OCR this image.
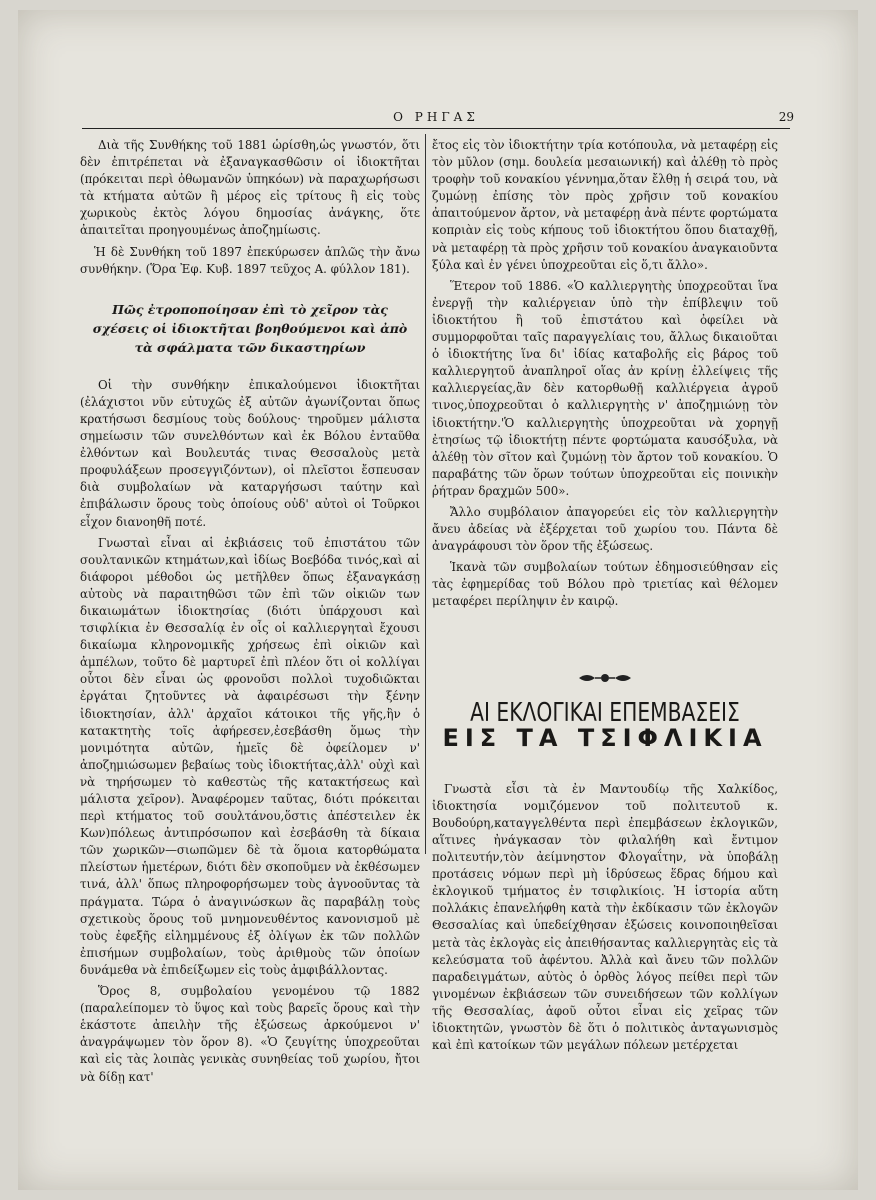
Ο ΡΗΓΑΣ	29

Διὰ τῆς Συνθήκης τοῦ 1881 ὡρίσθη,ὡς γνωστόν, ὅτι δὲν ἐπιτρέπεται νὰ ἐξαναγκασθῶσιν οἱ ἰδιοκτῆται (πρόκειται περὶ ὀθωμανῶν ὑπηκόων) νὰ παραχωρήσωσι τὰ κτήματα αὐτῶν ἢ μέρος εἰς τρίτους ἢ εἰς τοὺς χωρικοὺς ἐκτὸς λόγου δημοσίας ἀνάγκης, ὅτε ἀπαιτεῖται προηγουμένως ἀποζημίωσις.

Ἡ δὲ Συνθήκη τοῦ 1897 ἐπεκύρωσεν ἁπλῶς τὴν ἄνω συνθήκην. (Ὅρα Ἐφ. Κυβ. 1897 τεῦχος Α. φύλλον 181).

Πῶς ἐτροποποίησαν ἐπὶ τὸ χεῖρον τὰς σχέσεις οἱ ἰδιοκτῆται βοηθούμενοι καὶ ἀπὸ τὰ σφάλματα τῶν δικαστηρίων

Οἱ τὴν συνθήκην ἐπικαλούμενοι ἰδιοκτῆται (ἐλάχιστοι νῦν εὐτυχῶς ἐξ αὐτῶν ἀγωνίζονται ὅπως κρατήσωσι δεσμίους τοὺς δούλους· τηροῦμεν μάλιστα σημείωσιν τῶν συνελθόντων καὶ ἐκ Βόλου ἐνταῦθα ἐλθόντων καὶ Βουλευτάς τινας Θεσσαλοὺς μετὰ προφυλάξεων προσεγγιζόντων), οἱ πλεῖστοι ἔσπευσαν διὰ συμβολαίων νὰ καταργήσωσι ταύτην καὶ ἐπιβάλωσιν ὅρους τοὺς ὁποίους οὐδ' αὐτοὶ οἱ Τοῦρκοι εἶχον διανοηθῆ ποτέ.

Γνωσταὶ εἶναι αἱ ἐκβιάσεις τοῦ ἐπιστάτου τῶν σουλτανικῶν κτημάτων,καὶ ἰδίως Βοεβόδα τινός,καὶ αἱ διάφοροι μέθοδοι ὡς μετῆλθεν ὅπως ἐξαναγκάσῃ αὐτοὺς νὰ παραιτηθῶσι τῶν ἐπὶ τῶν οἰκιῶν των δικαιωμάτων ἰδιοκτησίας (διότι ὑπάρχουσι καὶ τσιφλίκια ἐν Θεσσαλίᾳ ἐν οἷς οἱ καλλιεργηταὶ ἔχουσι δικαίωμα κληρονομικῆς χρήσεως ἐπὶ οἰκιῶν καὶ ἀμπέλων, τοῦτο δὲ μαρτυρεῖ ἐπὶ πλέον ὅτι οἱ κολλίγαι οὗτοι δὲν εἶναι ὡς φρονοῦσι πολλοὶ τυχοδιῶκται ἐργάται ζητοῦντες νὰ ἀφαιρέσωσι τὴν ξένην ἰδιοκτησίαν, ἀλλ' ἀρχαῖοι κάτοικοι τῆς γῆς,ἣν ὁ κατακτητὴς τοῖς ἀφήρεσεν,ἐσεβάσθη ὅμως τὴν μονιμότητα αὐτῶν, ἡμεῖς δὲ ὀφείλομεν ν' ἀποζημιώσωμεν βεβαίως τοὺς ἰδιοκτήτας,ἀλλ' οὐχὶ καὶ νὰ τηρήσωμεν τὸ καθεστὼς τῆς κατακτήσεως καὶ μάλιστα χεῖρον). Ἀναφέρομεν ταῦτας, διότι πρόκειται περὶ κτήματος τοῦ σουλτάνου,ὅστις ἀπέστειλεν ἐκ Κων)πόλεως ἀντιπρόσωπον καὶ ἐσεβάσθη τὰ δίκαια τῶν χωρικῶν—σιωπῶμεν δὲ τὰ ὅμοια κατορθώματα πλείστων ἡμετέρων, διότι δὲν σκοποῦμεν νὰ ἐκθέσωμεν τινά, ἀλλ' ὅπως πληροφορήσωμεν τοὺς ἀγνοοῦντας τὰ πράγματα. Τώρα ὁ ἀναγινώσκων ἂς παραβάλῃ τοὺς σχετικοὺς ὅρους τοῦ μνημονευθέντος κανονισμοῦ μὲ τοὺς ἐφεξῆς εἰλημμένους ἐξ ὀλίγων ἐκ τῶν πολλῶν ἐπισήμων συμβολαίων, τοὺς ἀριθμοὺς τῶν ὁποίων δυνάμεθα νὰ ἐπιδείξωμεν εἰς τοὺς ἀμφιβάλλοντας.

Ὅρος 8, συμβολαίου γενομένου τῷ 1882 (παραλείπομεν τὸ ὕψος καὶ τοὺς βαρεῖς ὅρους καὶ τὴν ἑκάστοτε ἀπειλὴν τῆς ἐξώσεως ἀρκούμενοι ν' ἀναγράψωμεν τὸν ὅρον 8). «Ὁ ζευγίτης ὑποχρεοῦται καὶ εἰς τὰς λοιπὰς γενικὰς συνηθείας τοῦ χωρίου, ἤτοι νὰ δίδῃ κατ'

ἔτος εἰς τὸν ἰδιοκτήτην τρία κοτόπουλα, νὰ μεταφέρῃ εἰς τὸν μῦλον (σημ. δουλεία μεσαιωνική) καὶ ἀλέθῃ τὸ πρὸς τροφὴν τοῦ κονακίου γέννημα,ὅταν ἔλθῃ ἡ σειρά του, νὰ ζυμώνῃ ἐπίσης τὸν πρὸς χρῆσιν τοῦ κονακίου ἀπαιτούμενον ἄρτον, νὰ μεταφέρῃ ἀνὰ πέντε φορτώματα κοπριὰν εἰς τοὺς κήπους τοῦ ἰδιοκτήτου ὅπου διαταχθῇ, νὰ μεταφέρῃ τὰ πρὸς χρῆσιν τοῦ κονακίου ἀναγκαιοῦντα ξύλα καὶ ἐν γένει ὑποχρεοῦται εἰς ὅ,τι ἄλλο».

Ἕτερον τοῦ 1886. «Ὁ καλλιεργητὴς ὑποχρεοῦται ἵνα ἐνεργῇ τὴν καλιέργειαν ὑπὸ τὴν ἐπίβλεψιν τοῦ ἰδιοκτήτου ἢ τοῦ ἐπιστάτου καὶ ὀφείλει νὰ συμμορφοῦται ταῖς παραγγελίαις του, ἄλλως δικαιοῦται ὁ ἰδιοκτήτης ἵνα δι' ἰδίας καταβολῆς εἰς βάρος τοῦ καλλιεργητοῦ ἀναπληροῖ οἵας ἀν κρίνῃ ἐλλείψεις τῆς καλλιεργείας,ἂν δὲν κατορθωθῇ καλλιέργεια ἀγροῦ τινος,ὑποχρεοῦται ὁ καλλιεργητὴς ν' ἀποζημιώνῃ τὸν ἰδιοκτήτην.'Ὁ καλλιεργητὴς ὑποχρεοῦται νὰ χορηγῇ ἐτησίως τῷ ἰδιοκτήτῃ πέντε φορτώματα καυσόξυλα, νὰ ἀλέθῃ τὸν σῖτον καὶ ζυμώνῃ τὸν ἄρτον τοῦ κονακίου. Ὁ παραβάτης τῶν ὅρων τούτων ὑποχρεοῦται εἰς ποινικὴν ῥήτραν δραχμῶν 500».

Ἄλλο συμβόλαιον ἀπαγορεύει εἰς τὸν καλλιεργητὴν ἄνευ ἀδείας νὰ ἐξέρχεται τοῦ χωρίου του. Πάντα δὲ ἀναγράφουσι τὸν ὅρον τῆς ἐξώσεως.

Ἱκανὰ τῶν συμβολαίων τούτων ἐδημοσιεύθησαν εἰς τὰς ἐφημερίδας τοῦ Βόλου πρὸ τριετίας καὶ θέλομεν μεταφέρει περίληψιν ἐν καιρῷ.

ΑΙ ΕΚΛΟΓΙΚΑΙ ΕΠΕΜΒΑΣΕΙΣ
ΕΙΣ ΤΑ ΤΣΙΦΛΙΚΙΑ

Γνωστὰ εἶσι τὰ ἐν Μαντουδίῳ τῆς Χαλκίδος, ἰδιοκτησία νομιζόμενον τοῦ πολιτευτοῦ κ. Βουδούρη,καταγγελθέντα περὶ ἐπεμβάσεων ἐκλογικῶν, αἵτινες ἠνάγκασαν τὸν φιλαλήθη καὶ ἔντιμον πολιτευτήν,τὸν ἀείμνηστον Φλογαΐτην, νὰ ὑποβάλῃ προτάσεις νόμων περὶ μὴ ἱδρύσεως ἕδρας δήμου καὶ ἐκλογικοῦ τμήματος ἐν τσιφλικίοις. Ἡ ἱστορία αὕτη πολλάκις ἐπανελήφθη κατὰ τὴν ἐκδίκασιν τῶν ἐκλογῶν Θεσσαλίας καὶ ὑπεδείχθησαν ἐξώσεις κοινοποιηθεῖσαι μετὰ τὰς ἐκλογὰς εἰς ἀπειθήσαντας καλλιεργητὰς εἰς τὰ κελεύσματα τοῦ ἀφέντου. Ἀλλὰ καὶ ἄνευ τῶν πολλῶν παραδειγμάτων, αὐτὸς ὁ ὀρθὸς λόγος πείθει περὶ τῶν γινομένων ἐκβιάσεων τῶν συνειδήσεων τῶν κολλίγων τῆς Θεσσαλίας, ἀφοῦ οὗτοι εἶναι εἰς χεῖρας τῶν ἰδιοκτητῶν, γνωστὸν δὲ ὅτι ὁ πολιτικὸς ἀνταγωνισμὸς καὶ ἐπὶ κατοίκων τῶν μεγάλων πόλεων μετέρχεται
